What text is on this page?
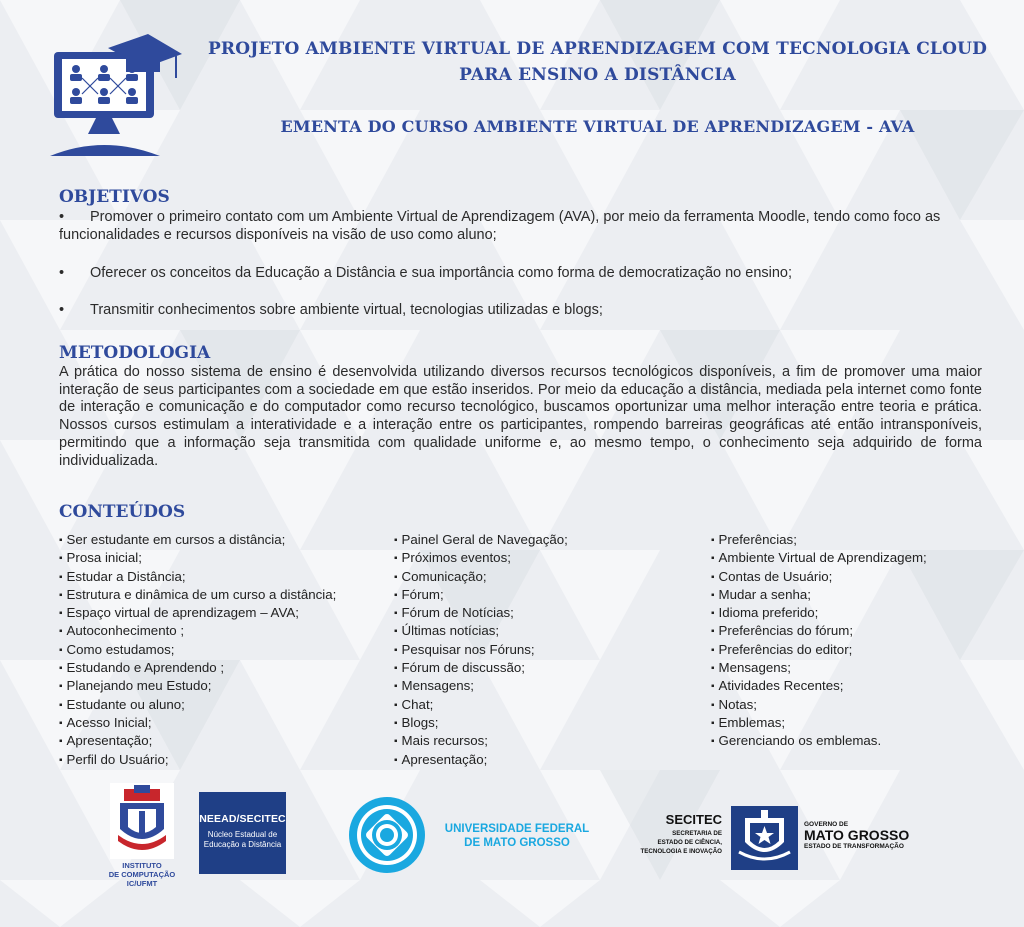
PROJETO AMBIENTE VIRTUAL DE APRENDIZAGEM COM TECNOLOGIA CLOUD
PARA ENSINO A DISTÂNCIA
EMENTA DO CURSO AMBIENTE VIRTUAL DE APRENDIZAGEM - AVA
OBJETIVOS
•	Promover o primeiro contato com um Ambiente Virtual de Aprendizagem (AVA), por meio da ferramenta Moodle, tendo como foco as funcionalidades e recursos disponíveis na visão de uso como aluno;
• Oferecer os conceitos da Educação a Distância e sua importância como forma de democratização no ensino;
• Transmitir conhecimentos sobre ambiente virtual, tecnologias utilizadas e blogs;
METODOLOGIA
A prática do nosso sistema de ensino é desenvolvida utilizando diversos recursos tecnológicos disponíveis, a fim de promover uma maior interação de seus participantes com a sociedade em que estão inseridos. Por meio da educação a distância, mediada pela internet como fonte de interação e comunicação e do computador como recurso tecnológico, buscamos oportunizar uma melhor interação entre teoria e prática. Nossos cursos estimulam a interatividade e a interação entre os participantes, rompendo barreiras geográficas até então intransponíveis, permitindo que a informação seja transmitida com qualidade uniforme e, ao mesmo tempo, o conhecimento seja adquirido de forma individualizada.
CONTEÚDOS
▪ Ser estudante em cursos a distância;
▪ Prosa inicial;
▪ Estudar a Distância;
▪ Estrutura e dinâmica de um curso a distância;
▪ Espaço virtual de aprendizagem – AVA;
▪ Autoconhecimento ;
▪ Como estudamos;
▪ Estudando e Aprendendo ;
▪ Planejando meu Estudo;
▪ Estudante ou aluno;
▪ Acesso Inicial;
▪ Apresentação;
▪ Perfil do Usuário;
▪ Painel Geral de Navegação;
▪ Próximos eventos;
▪ Comunicação;
▪ Fórum;
▪ Fórum de Notícias;
▪ Últimas notícias;
▪ Pesquisar nos Fóruns;
▪ Fórum de discussão;
▪ Mensagens;
▪ Chat;
▪ Blogs;
▪ Mais recursos;
▪ Apresentação;
▪ Preferências;
▪ Ambiente Virtual de Aprendizagem;
▪ Contas de Usuário;
▪ Mudar a senha;
▪ Idioma preferido;
▪ Preferências do fórum;
▪ Preferências do editor;
▪ Mensagens;
▪ Atividades Recentes;
▪ Notas;
▪ Emblemas;
▪ Gerenciando os emblemas.
INSTITUTO
DE COMPUTAÇÃO
IC/UFMT
NEEAD/SECITEC
Núcleo Estadual de
Educação a Distância
UNIVERSIDADE FEDERAL
DE MATO GROSSO
SECITEC
SECRETARIA DE
ESTADO DE CIÊNCIA,
TECNOLOGIA E INOVAÇÃO
GOVERNO DE
MATO GROSSO
ESTADO DE TRANSFORMAÇÃO
